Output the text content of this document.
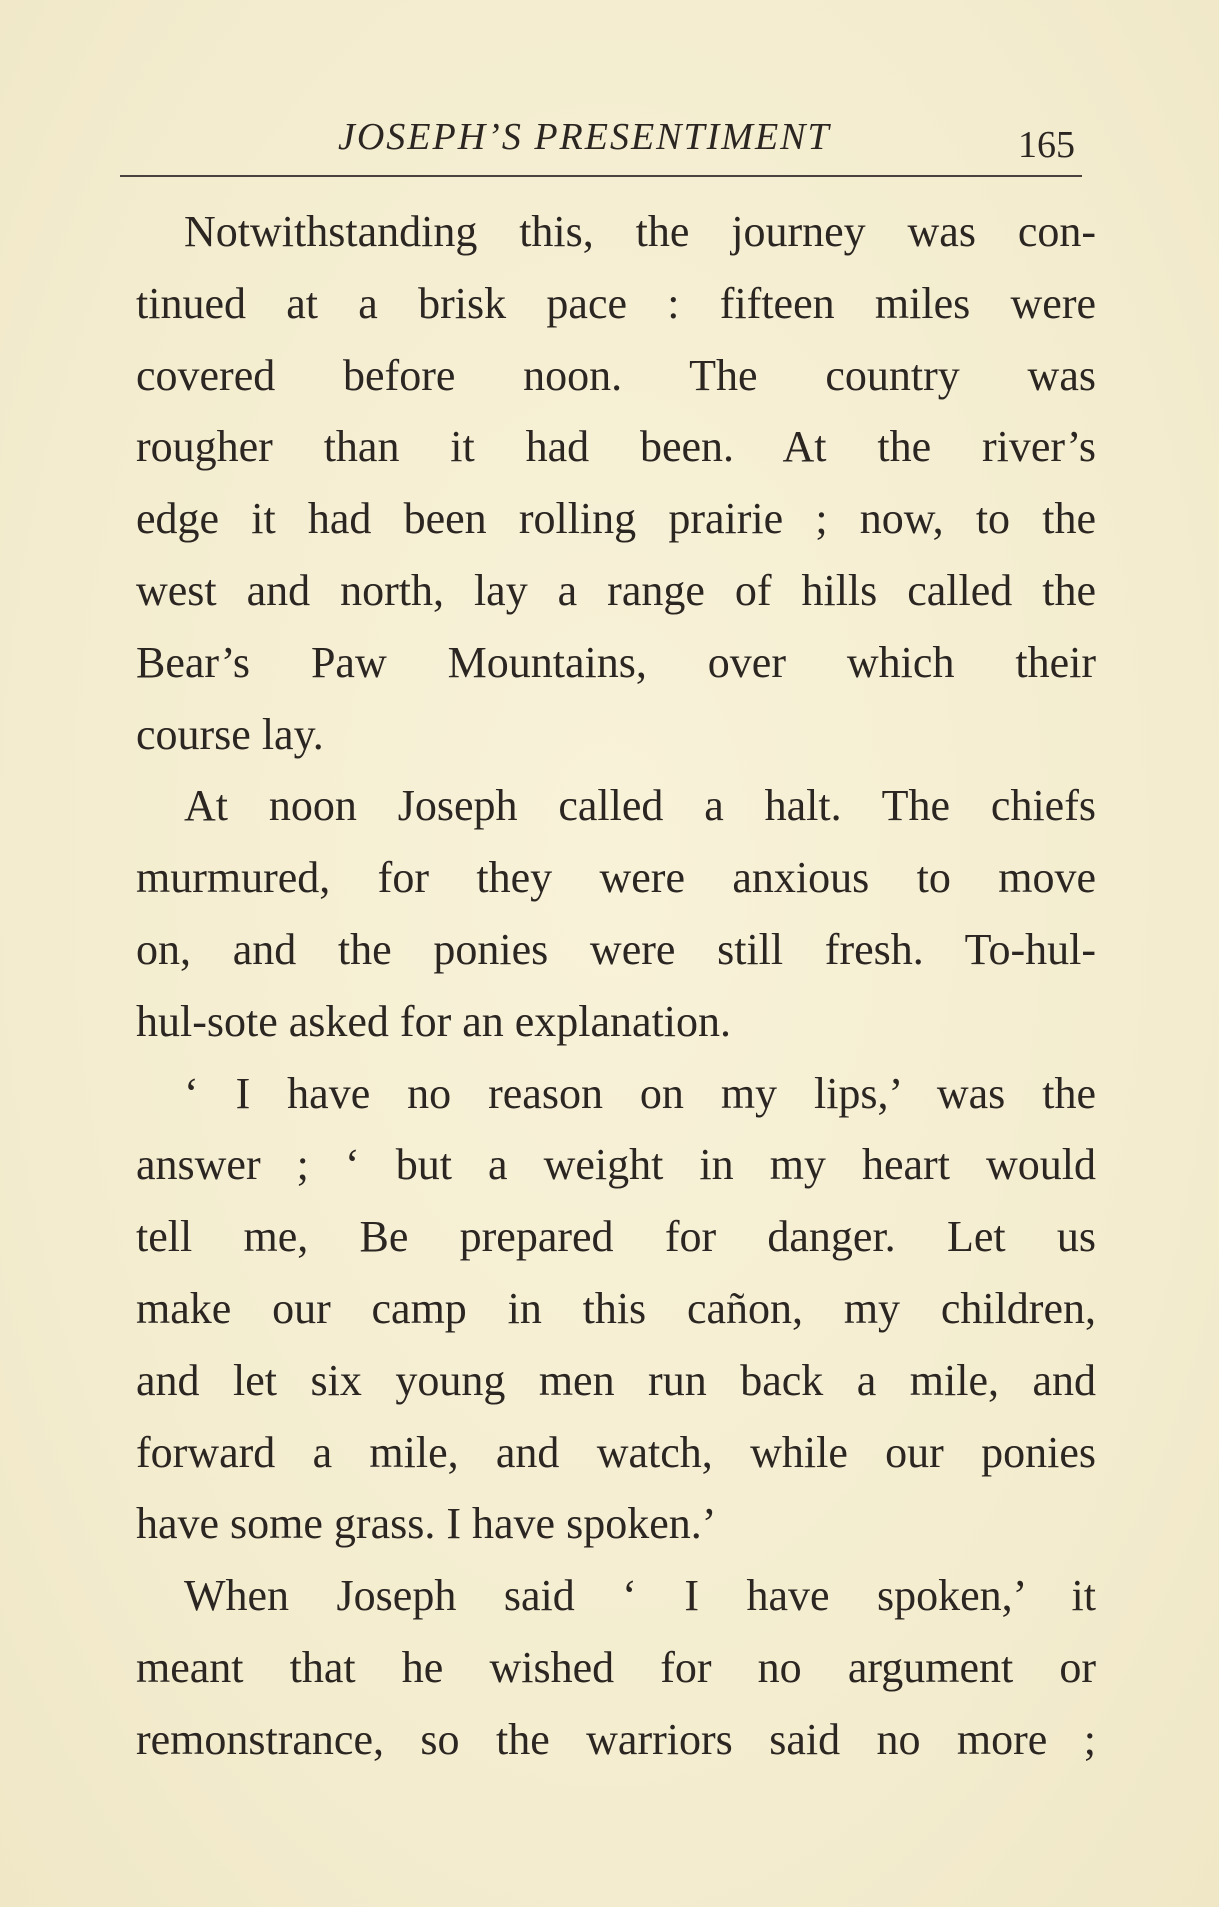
JOSEPH’S PRESENTIMENT	165
Notwithstanding this, the journey was con-
tinued at a brisk pace : fifteen miles were
covered before noon. The country was
rougher than it had been. At the river’s
edge it had been rolling prairie ; now, to the
west and north, lay a range of hills called the
Bear’s Paw Mountains, over which their
course lay.
At noon Joseph called a halt. The chiefs
murmured, for they were anxious to move
on, and the ponies were still fresh. To-hul-
hul-sote asked for an explanation.
‘ I have no reason on my lips,’ was the
answer ; ‘ but a weight in my heart would
tell me, Be prepared for danger. Let us
make our camp in this cañon, my children,
and let six young men run back a mile, and
forward a mile, and watch, while our ponies
have some grass. I have spoken.’
When Joseph said ‘ I have spoken,’ it
meant that he wished for no argument or
remonstrance, so the warriors said no more ;
